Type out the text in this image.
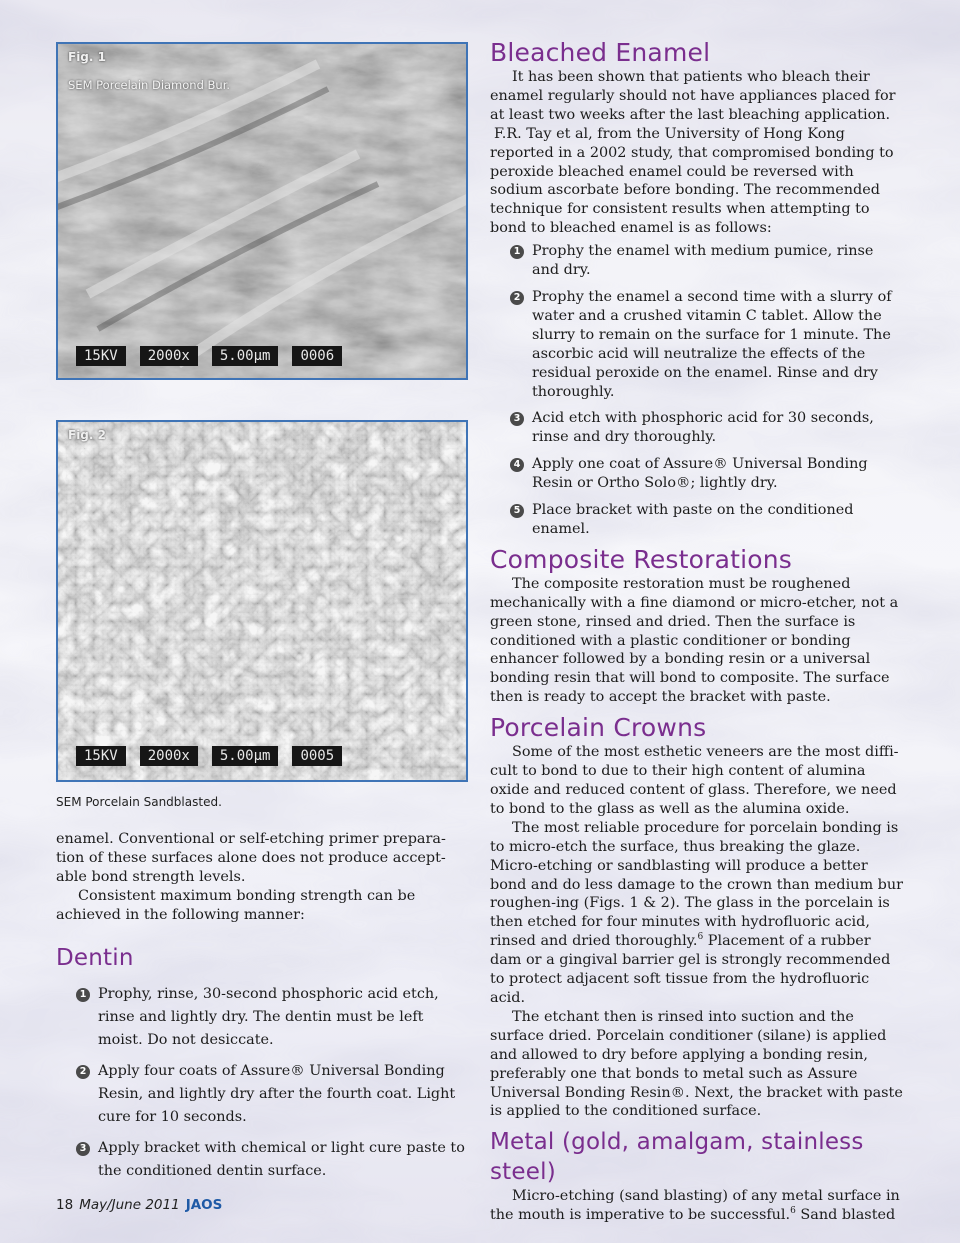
Fig. 1
SEM Porcelain Diamond Bur.
15KV	2000x	5.00µm	0006
Fig. 2
15KV	2000x	5.00µm	0005
SEM Porcelain Sandblasted.

enamel. Conventional or self-etching primer prepara-tion of these surfaces alone does not produce accept-able bond strength levels.

Consistent maximum bonding strength can be achieved in the following manner:

Dentin
1 Prophy, rinse, 30-second phosphoric acid etch, rinse and lightly dry. The dentin must be left moist. Do not desiccate.
2 Apply four coats of Assure® Universal Bonding Resin, and lightly dry after the fourth coat. Light cure for 10 seconds.
3 Apply bracket with chemical or light cure paste to the conditioned dentin surface.
Bleached Enamel

It has been shown that patients who bleach their enamel regularly should not have appliances placed for at least two weeks after the last bleaching application.

F.R. Tay et al, from the University of Hong Kong reported in a 2002 study, that compromised bonding to peroxide bleached enamel could be reversed with sodium ascorbate before bonding. The recommended technique for consistent results when attempting to bond to bleached enamel is as follows:

1 Prophy the enamel with medium pumice, rinse and dry.
2 Prophy the enamel a second time with a slurry of water and a crushed vitamin C tablet. Allow the slurry to remain on the surface for 1 minute. The ascorbic acid will neutralize the effects of the residual peroxide on the enamel. Rinse and dry thoroughly.
3 Acid etch with phosphoric acid for 30 seconds, rinse and dry thoroughly.
4 Apply one coat of Assure® Universal Bonding Resin or Ortho Solo®; lightly dry.
5 Place bracket with paste on the conditioned enamel.
Composite Restorations

The composite restoration must be roughened mechanically with a fine diamond or micro-etcher, not a green stone, rinsed and dried. Then the surface is conditioned with a plastic conditioner or bonding enhancer followed by a bonding resin or a universal bonding resin that will bond to composite. The surface then is ready to accept the bracket with paste.

Porcelain Crowns

Some of the most esthetic veneers are the most diffi-cult to bond to due to their high content of alumina oxide and reduced content of glass. Therefore, we need to bond to the glass as well as the alumina oxide.

The most reliable procedure for porcelain bonding is to micro-etch the surface, thus breaking the glaze. Micro-etching or sandblasting will produce a better bond and do less damage to the crown than medium bur roughen-ing (Figs. 1 & 2). The glass in the porcelain is then etched for four minutes with hydrofluoric acid, rinsed and dried thoroughly.$^6$ Placement of a rubber dam or a gingival barrier gel is strongly recommended to protect adjacent soft tissue from the hydrofluoric acid.

The etchant then is rinsed into suction and the surface dried. Porcelain conditioner (silane) is applied and allowed to dry before applying a bonding resin, preferably one that bonds to metal such as Assure Universal Bonding Resin®. Next, the bracket with paste is applied to the conditioned surface.

Metal (gold, amalgam, stainless steel)

Micro-etching (sand blasting) of any metal surface in the mouth is imperative to be successful.$^6$ Sand blasted

18 May/June 2011 JAOS
